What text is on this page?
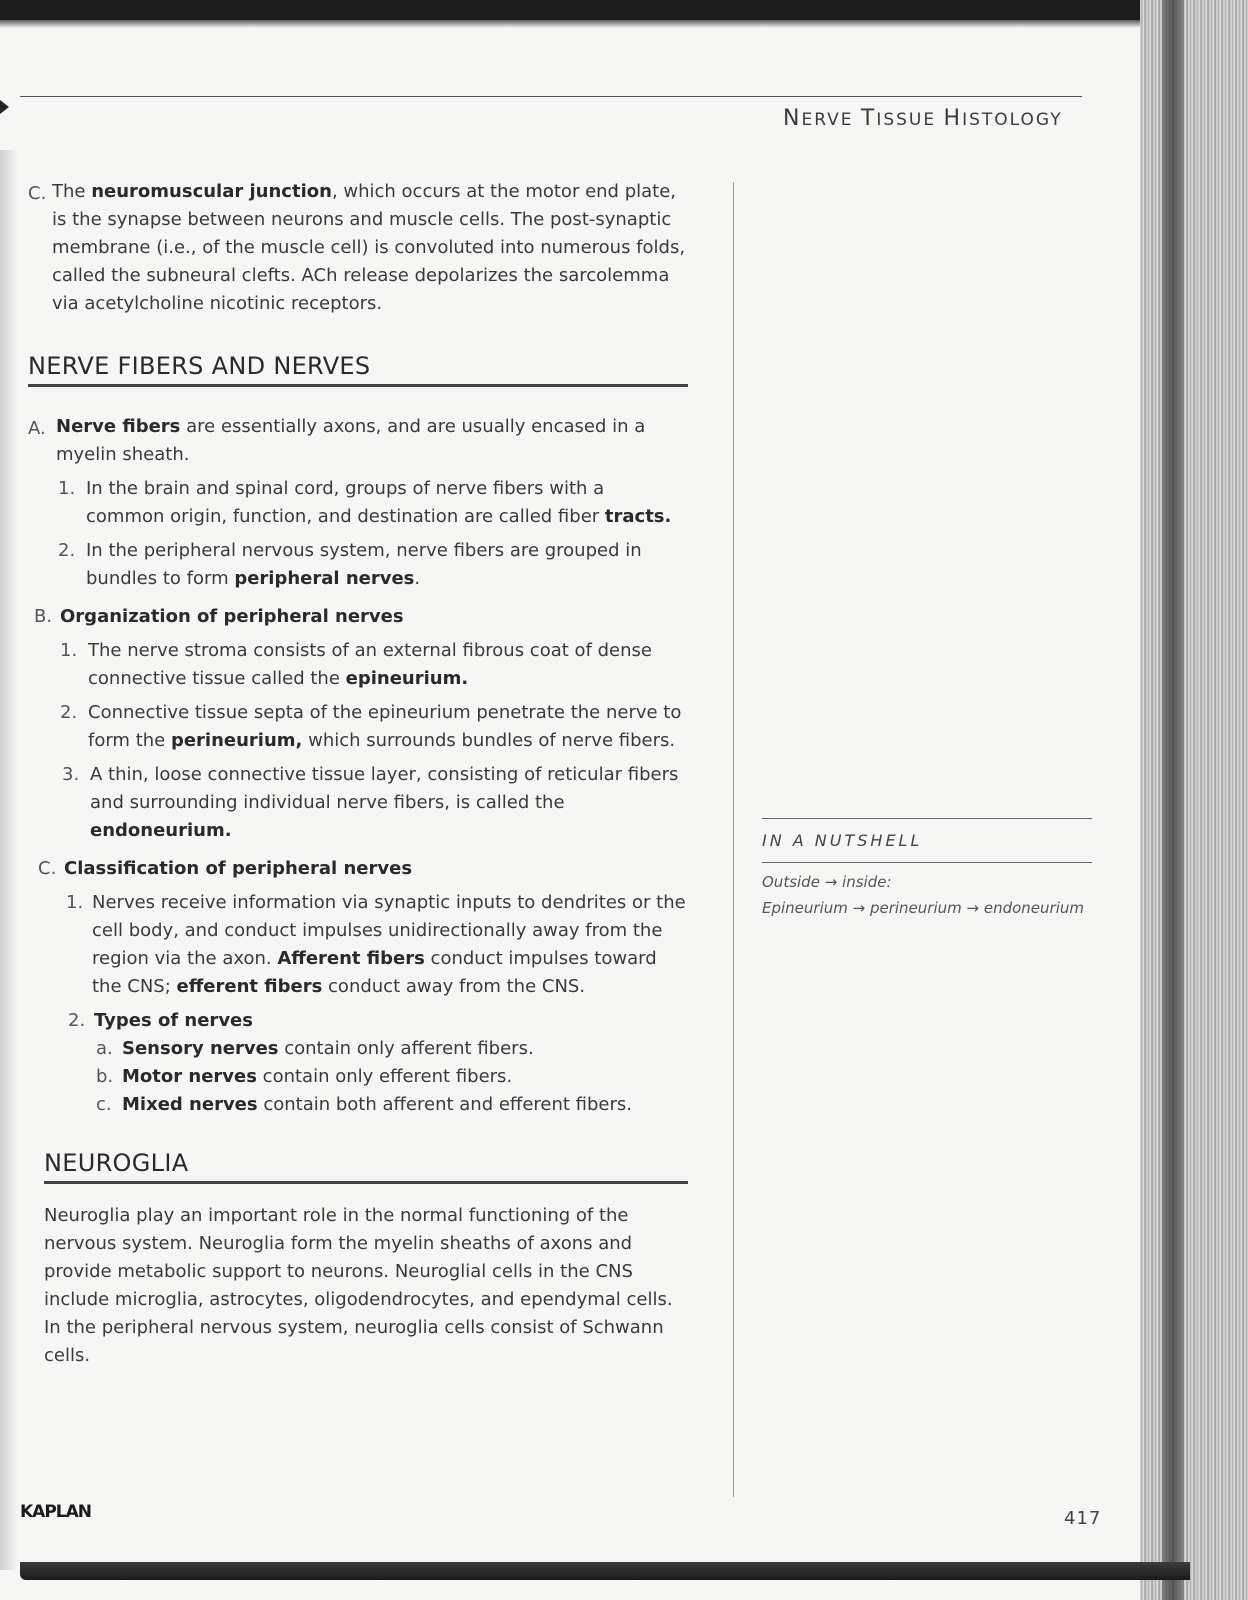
NERVE TISSUE HISTOLOGY
C. The neuromuscular junction, which occurs at the motor end plate, is the synapse between neurons and muscle cells. The post-synaptic membrane (i.e., of the muscle cell) is convoluted into numerous folds, called the subneural clefts. ACh release depolarizes the sarcolemma via acetylcholine nicotinic receptors.

NERVE FIBERS AND NERVES
A. Nerve fibers are essentially axons, and are usually encased in a myelin sheath.

1. In the brain and spinal cord, groups of nerve fibers with a common origin, function, and destination are called fiber tracts.

2. In the peripheral nervous system, nerve fibers are grouped in bundles to form peripheral nerves.

B. Organization of peripheral nerves

1. The nerve stroma consists of an external fibrous coat of dense connective tissue called the epineurium.

2. Connective tissue septa of the epineurium penetrate the nerve to form the perineurium, which surrounds bundles of nerve fibers.

3. A thin, loose connective tissue layer, consisting of reticular fibers and surrounding individual nerve fibers, is called the endoneurium.

C. Classification of peripheral nerves

1. Nerves receive information via synaptic inputs to dendrites or the cell body, and conduct impulses unidirectionally away from the region via the axon. Afferent fibers conduct impulses toward the CNS; efferent fibers conduct away from the CNS.

2. Types of nerves

a. Sensory nerves contain only afferent fibers.

b. Motor nerves contain only efferent fibers.

c. Mixed nerves contain both afferent and efferent fibers.

NEUROGLIA

Neuroglia play an important role in the normal functioning of the nervous system. Neuroglia form the myelin sheaths of axons and provide metabolic support to neurons. Neuroglial cells in the CNS include microglia, astrocytes, oligodendrocytes, and ependymal cells. In the peripheral nervous system, neuroglia cells consist of Schwann cells.

IN A NUTSHELL
Outside → inside:
Epineurium → perineurium → endoneurium
KAPLAN	417
